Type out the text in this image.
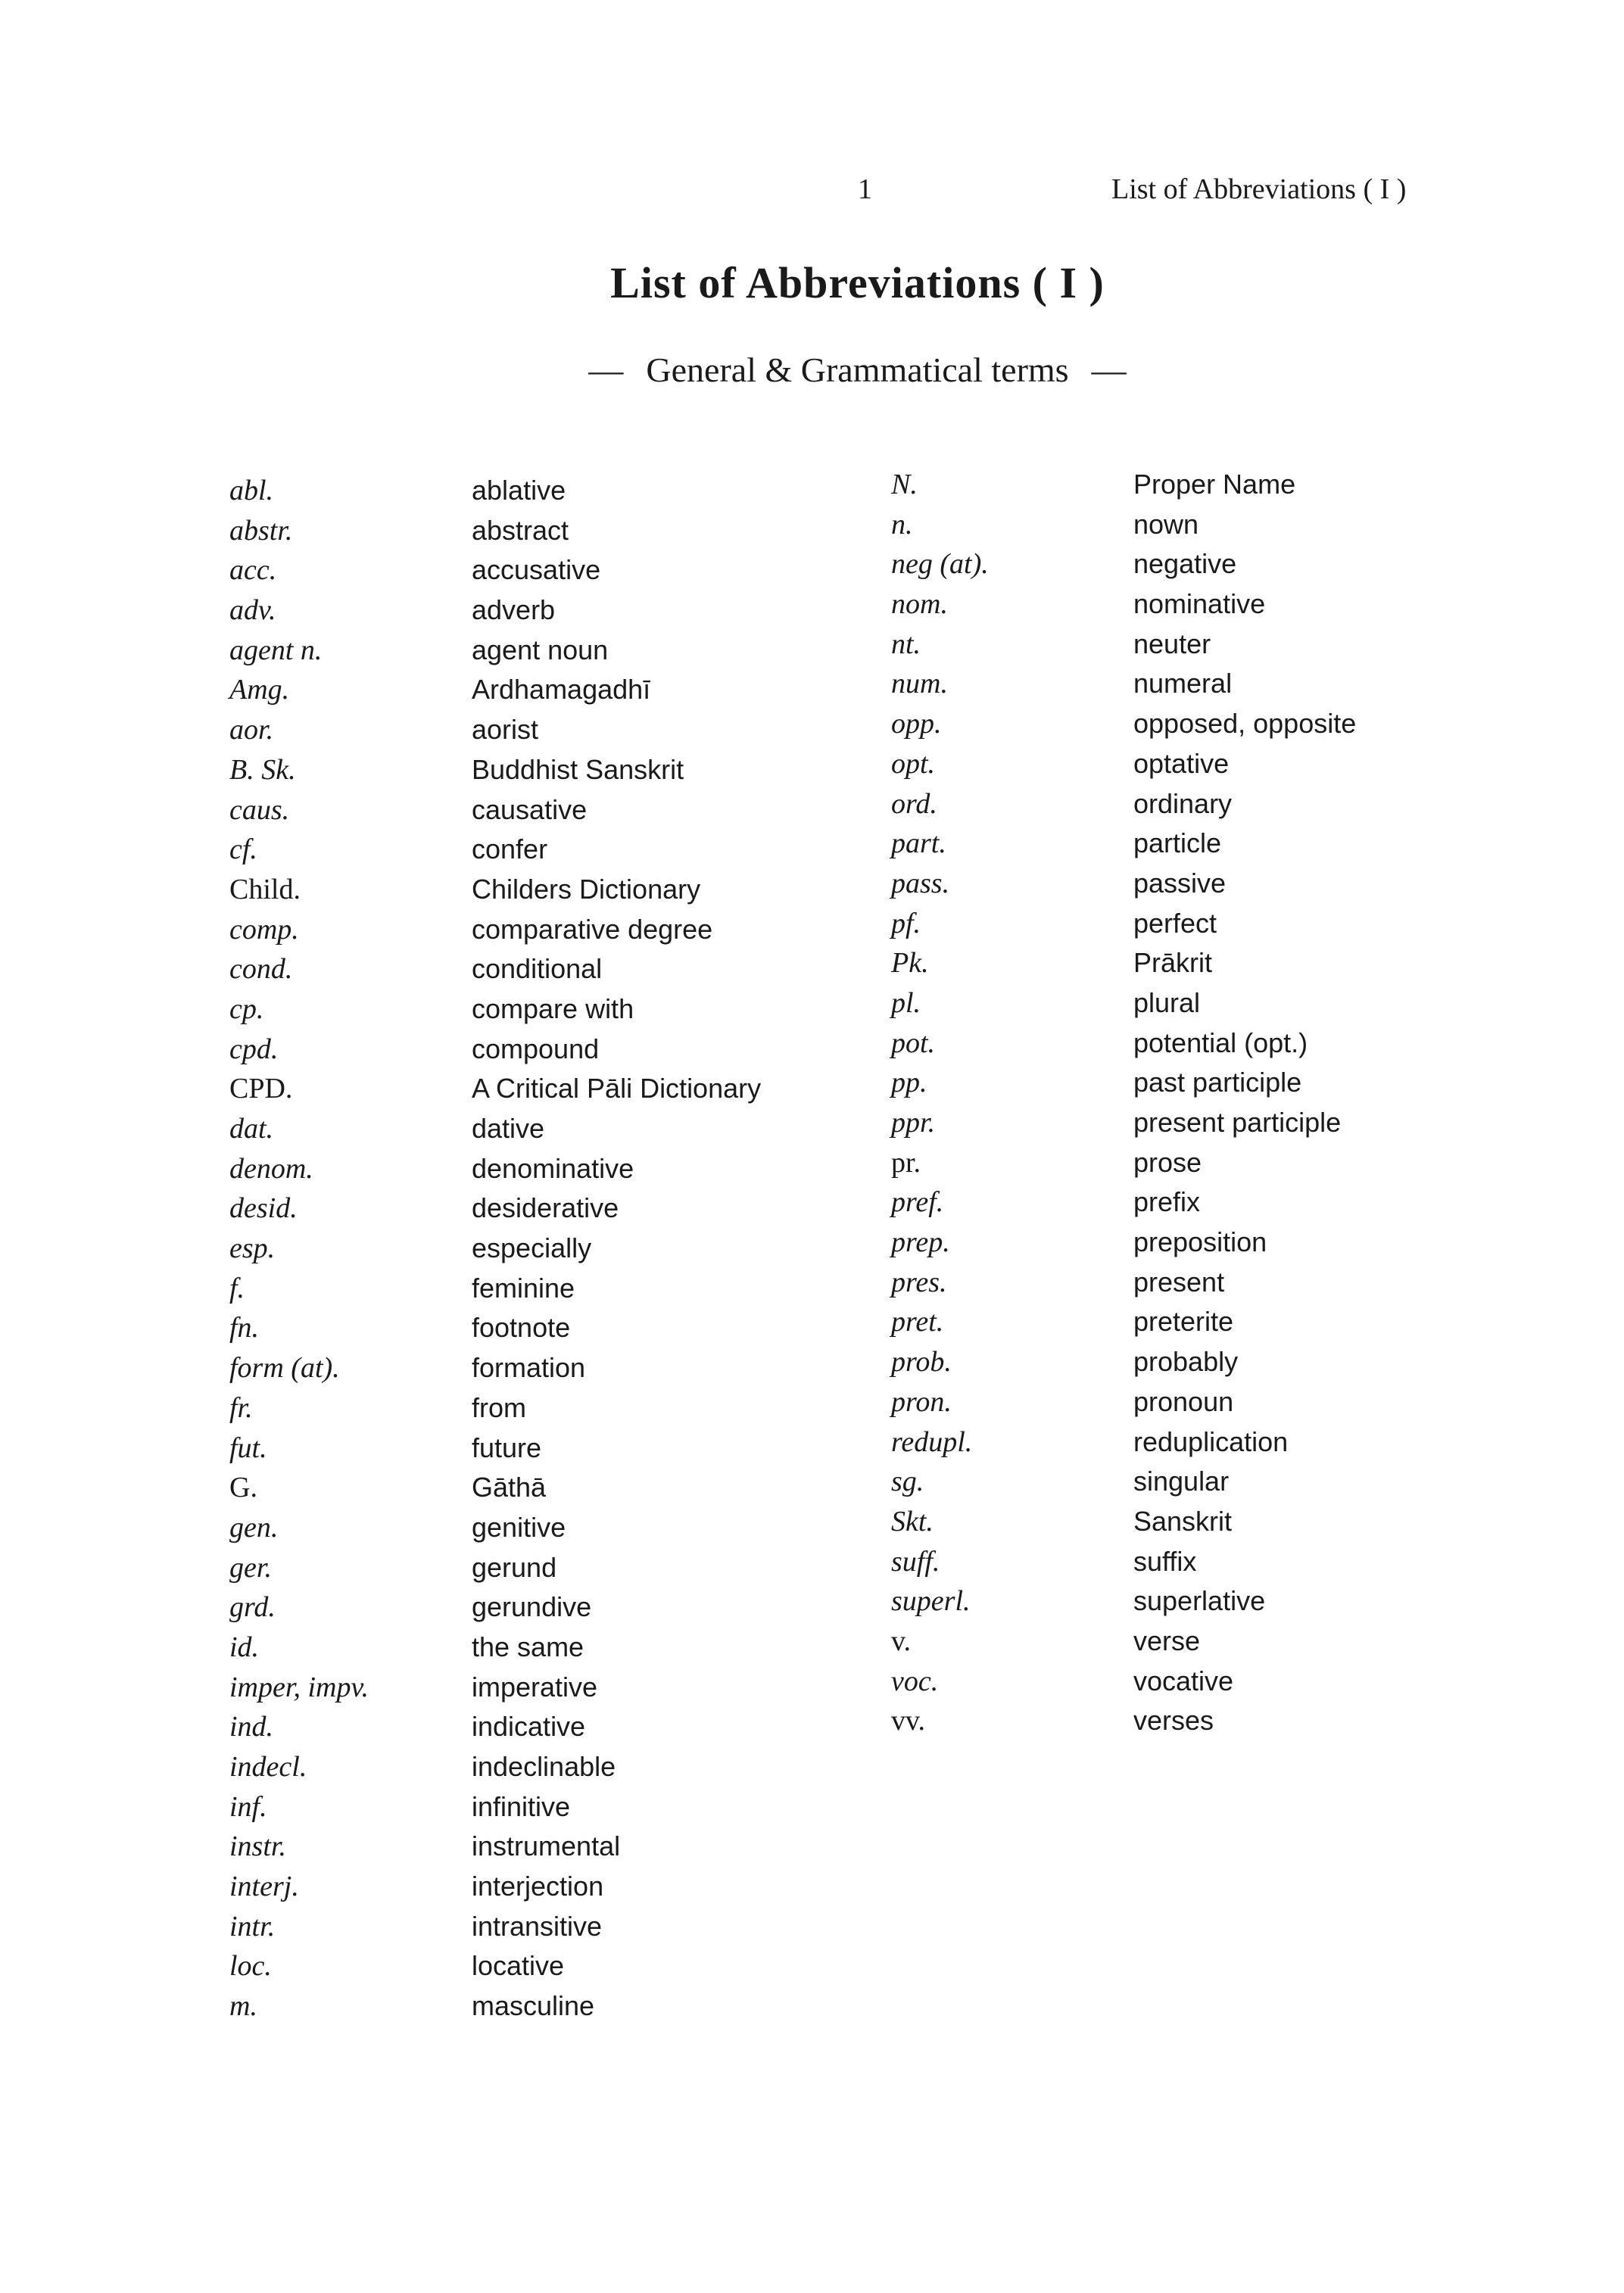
1	List of Abbreviations ( I )
List of Abbreviations ( I )
— General & Grammatical terms —
abl.	ablative
abstr.	abstract
acc.	accusative
adv.	adverb
agent n.	agent noun
Amg.	Ardhamagadhī
aor.	aorist
B. Sk.	Buddhist Sanskrit
caus.	causative
cf.	confer
Child.	Childers Dictionary
comp.	comparative degree
cond.	conditional
cp.	compare with
cpd.	compound
CPD.	A Critical Pāli Dictionary
dat.	dative
denom.	denominative
desid.	desiderative
esp.	especially
f.	feminine
fn.	footnote
form (at).	formation
fr.	from
fut.	future
G.	Gāthā
gen.	genitive
ger.	gerund
grd.	gerundive
id.	the same
imper, impv.	imperative
ind.	indicative
indecl.	indeclinable
inf.	infinitive
instr.	instrumental
interj.	interjection
intr.	intransitive
loc.	locative
m.	masculine
N.	Proper Name
n.	nown
neg (at).	negative
nom.	nominative
nt.	neuter
num.	numeral
opp.	opposed, opposite
opt.	optative
ord.	ordinary
part.	particle
pass.	passive
pf.	perfect
Pk.	Prākrit
pl.	plural
pot.	potential (opt.)
pp.	past participle
ppr.	present participle
pr.	prose
pref.	prefix
prep.	preposition
pres.	present
pret.	preterite
prob.	probably
pron.	pronoun
redupl.	reduplication
sg.	singular
Skt.	Sanskrit
suff.	suffix
superl.	superlative
v.	verse
voc.	vocative
vv.	verses
